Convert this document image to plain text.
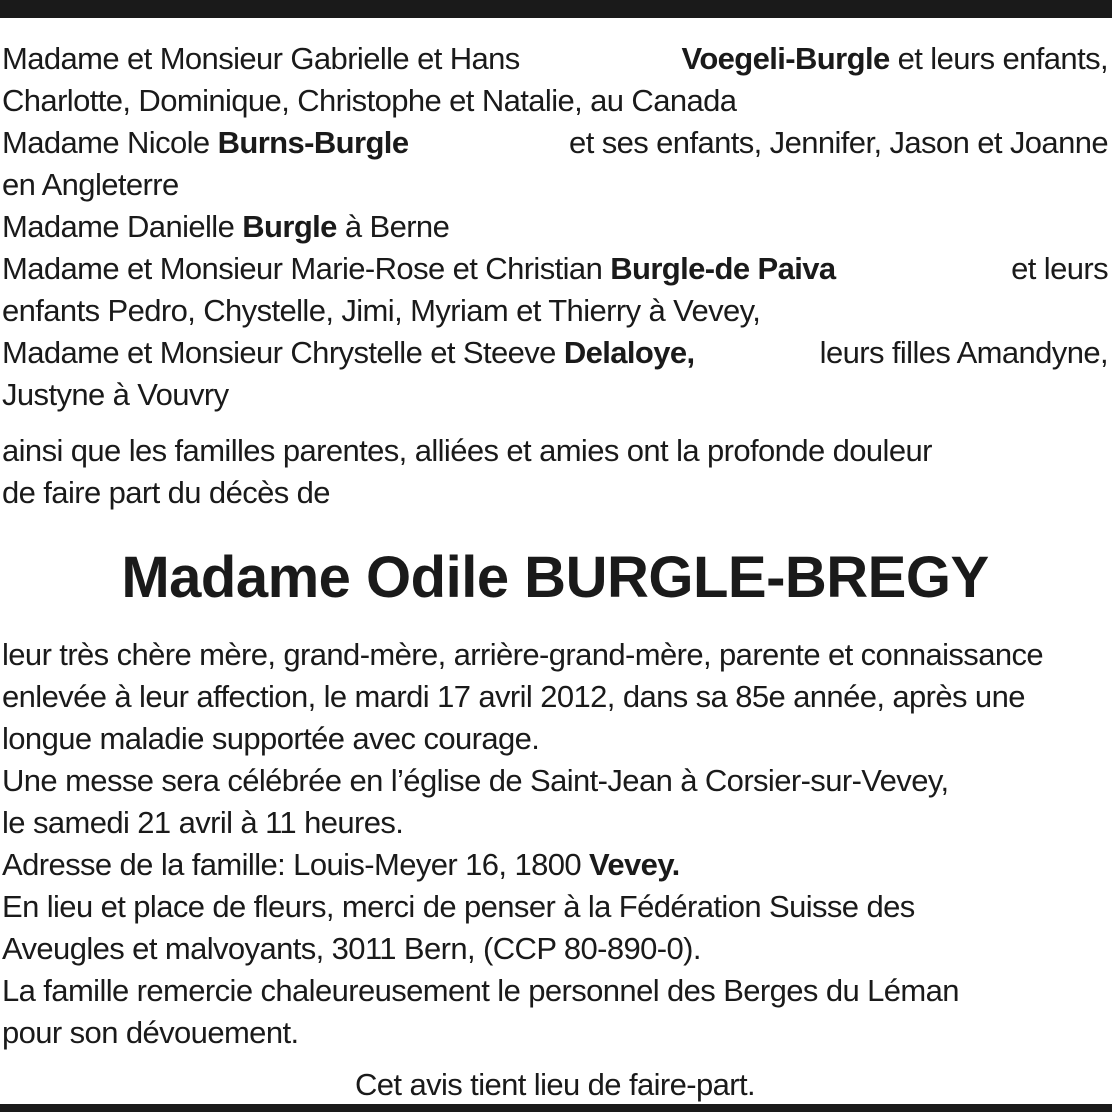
Madame et Monsieur Gabrielle et Hans	Voegeli-Burgle et leurs enfants,
Charlotte, Dominique, Christophe et Natalie, au Canada
Madame Nicole Burns-Burgle	et ses enfants, Jennifer, Jason et Joanne
en Angleterre
Madame Danielle Burgle à Berne
Madame et Monsieur Marie-Rose et Christian Burgle-de Paiva	et leurs
enfants Pedro, Chystelle, Jimi, Myriam et Thierry à Vevey,
Madame et Monsieur Chrystelle et Steeve Delaloye,	leurs filles Amandyne,
Justyne à Vouvry
ainsi que les familles parentes, alliées et amies ont la profonde douleur
de faire part du décès de
Madame Odile BURGLE-BREGY
leur très chère mère, grand-mère, arrière-grand-mère, parente et connaissance
enlevée à leur affection, le mardi 17 avril 2012, dans sa 85e année, après une
longue maladie supportée avec courage.
Une messe sera célébrée en l’église de Saint-Jean à Corsier-sur-Vevey,
le samedi 21 avril à 11 heures.
Adresse de la famille: Louis-Meyer 16, 1800 Vevey.
En lieu et place de fleurs, merci de penser à la Fédération Suisse des
Aveugles et malvoyants, 3011 Bern, (CCP 80-890-0).
La famille remercie chaleureusement le personnel des Berges du Léman
pour son dévouement.
Cet avis tient lieu de faire-part.
